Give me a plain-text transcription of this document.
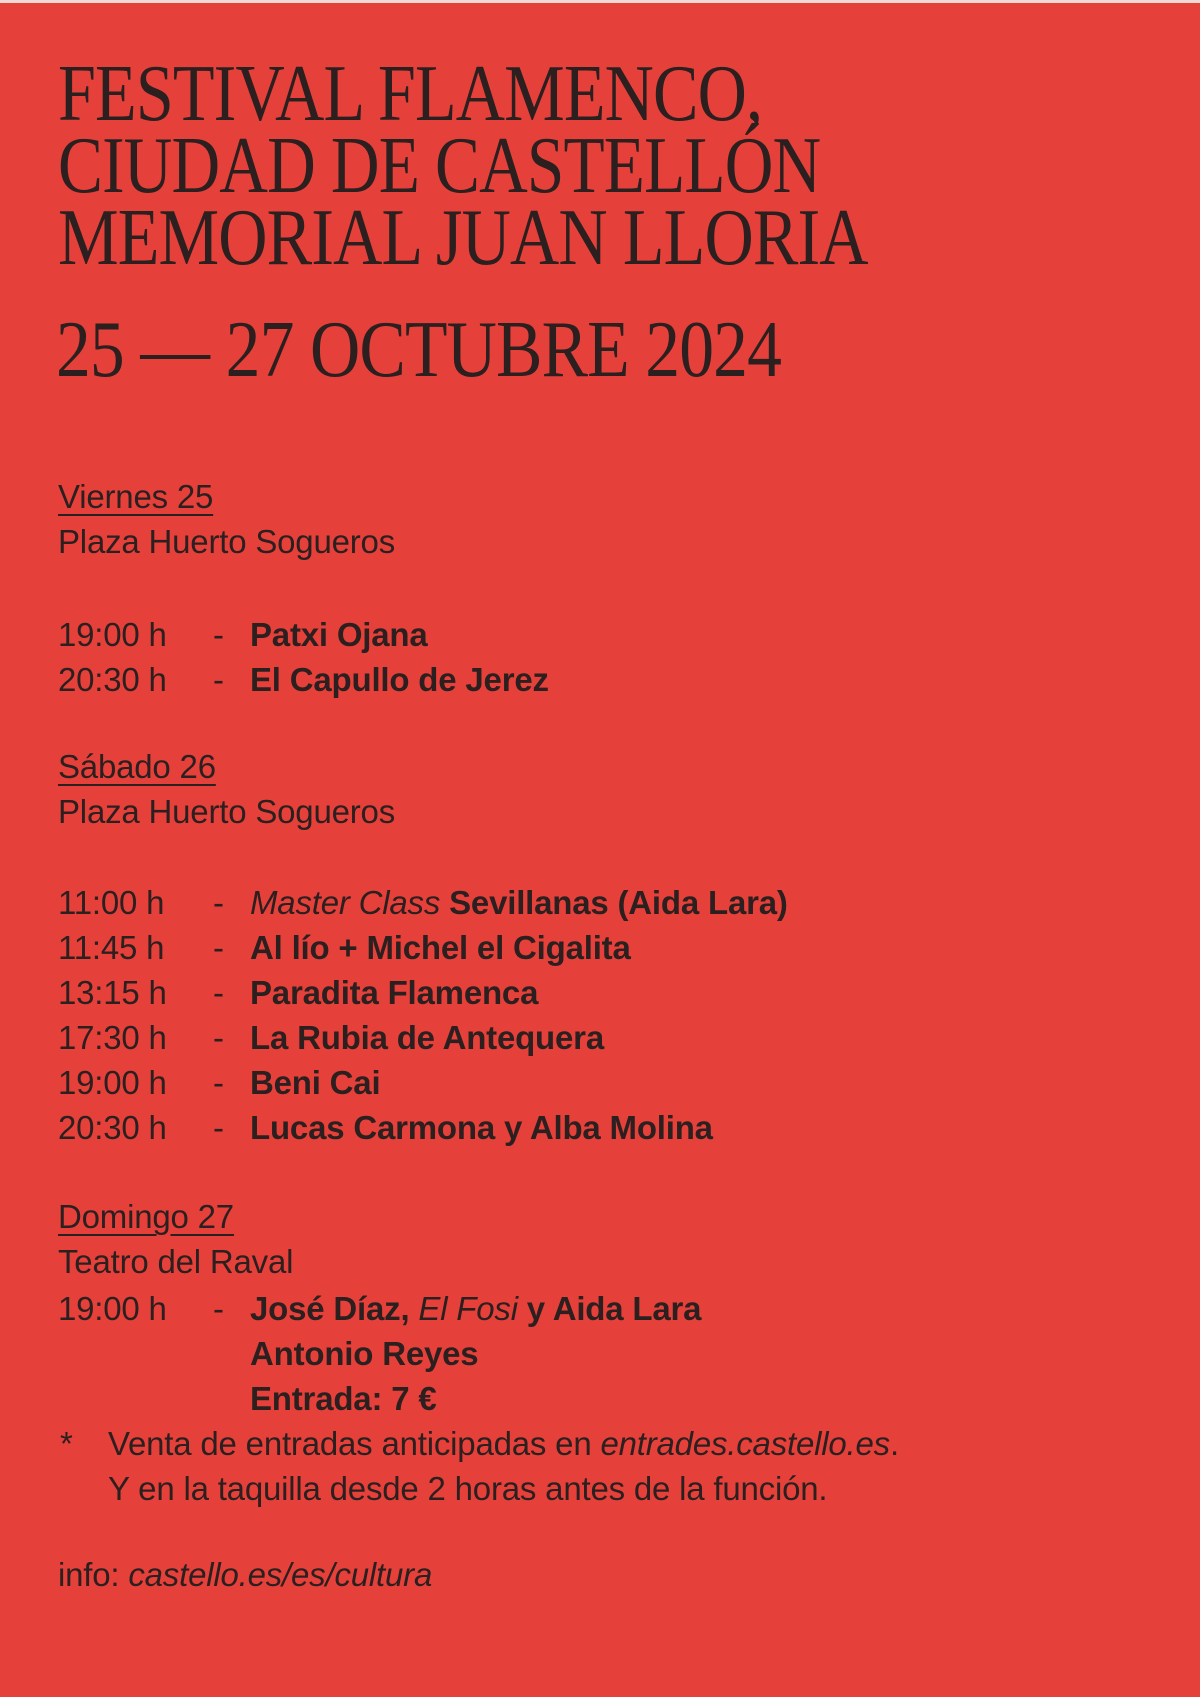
FESTIVAL FLAMENCO,
CIUDAD DE CASTELLÓN
MEMORIAL JUAN LLORIA
25 — 27 OCTUBRE 2024
Viernes 25
Plaza Huerto Sogueros
19:00 h - Patxi Ojana
20:30 h - El Capullo de Jerez
Sábado 26
Plaza Huerto Sogueros
11:00 h - Master Class Sevillanas (Aida Lara)
11:45 h - Al lío + Michel el Cigalita
13:15 h - Paradita Flamenca
17:30 h - La Rubia de Antequera
19:00 h - Beni Cai
20:30 h - Lucas Carmona y Alba Molina
Domingo 27
Teatro del Raval
19:00 h - José Díaz, El Fosi y Aida Lara
Antonio Reyes
Entrada: 7 €
* Venta de entradas anticipadas en entrades.castello.es.
Y en la taquilla desde 2 horas antes de la función.
info: castello.es/es/cultura
